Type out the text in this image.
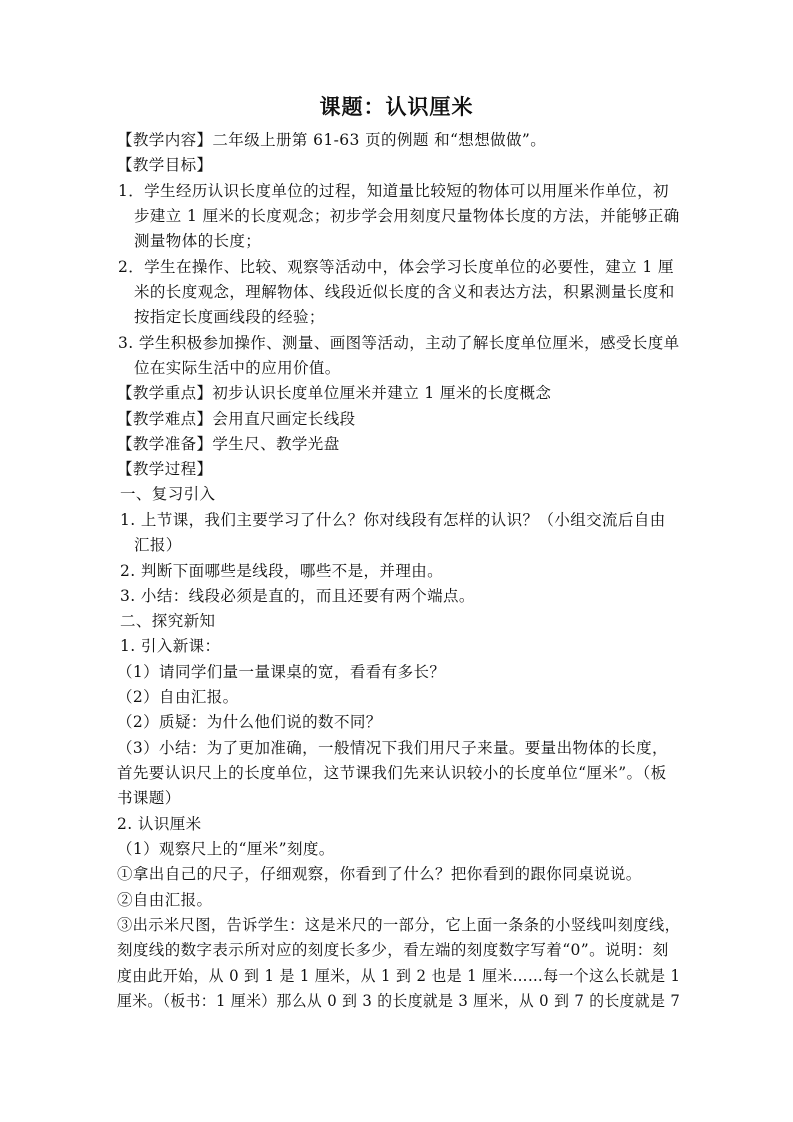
课题：认识厘米
【教学内容】二年级上册第 61-63 页的例题 和“想想做做”。
【教学目标】
1．学生经历认识长度单位的过程，知道量比较短的物体可以用厘米作单位，初
步建立 1 厘米的长度观念；初步学会用刻度尺量物体长度的方法，并能够正确
测量物体的长度；
2．学生在操作、比较、观察等活动中，体会学习长度单位的必要性，建立 1 厘
米的长度观念，理解物体、线段近似长度的含义和表达方法，积累测量长度和
按指定长度画线段的经验；
3. 学生积极参加操作、测量、画图等活动，主动了解长度单位厘米，感受长度单
位在实际生活中的应用价值。
【教学重点】初步认识长度单位厘米并建立 1 厘米的长度概念
【教学难点】会用直尺画定长线段
【教学准备】学生尺、教学光盘
【教学过程】
一、复习引入
1. 上节课，我们主要学习了什么？你对线段有怎样的认识？（小组交流后自由
汇报）
2. 判断下面哪些是线段，哪些不是，并理由。
3. 小结：线段必须是直的，而且还要有两个端点。
二、探究新知
1. 引入新课：
（1）请同学们量一量课桌的宽，看看有多长？
（2）自由汇报。
（2）质疑：为什么他们说的数不同？
（3）小结：为了更加准确，一般情况下我们用尺子来量。要量出物体的长度，
首先要认识尺上的长度单位，这节课我们先来认识较小的长度单位“厘米”。（板
书课题）
2. 认识厘米
（1）观察尺上的“厘米”刻度。
①拿出自己的尺子，仔细观察，你看到了什么？把你看到的跟你同桌说说。
②自由汇报。
③出示米尺图，告诉学生：这是米尺的一部分，它上面一条条的小竖线叫刻度线，
刻度线的数字表示所对应的刻度长多少，看左端的刻度数字写着“0”。说明：刻
度由此开始，从 0 到 1 是 1 厘米，从 1 到 2 也是 1 厘米……每一个这么长就是 1
厘米。（板书：1 厘米）那么从 0 到 3 的长度就是 3 厘米，从 0 到 7 的长度就是 7
